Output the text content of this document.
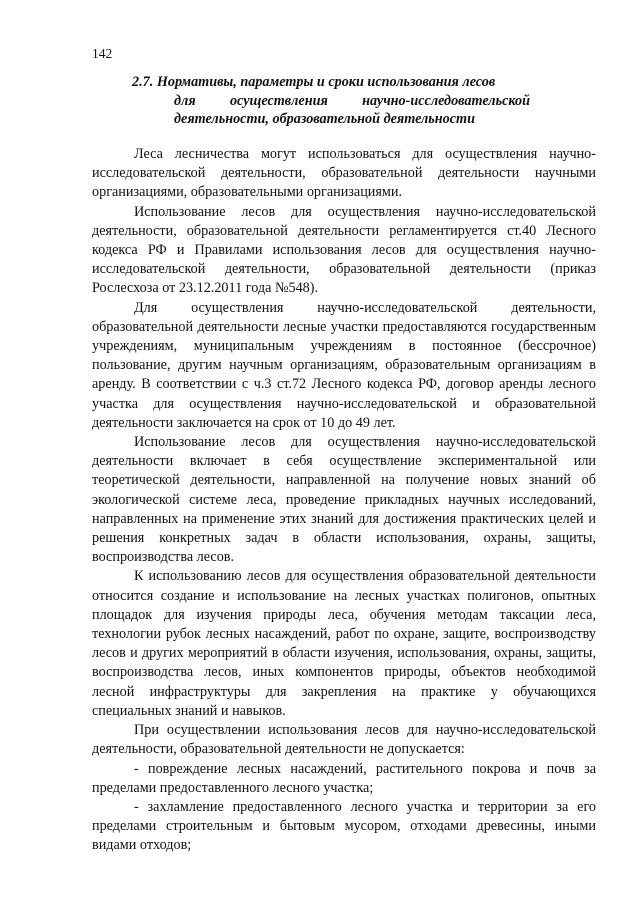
142
2.7. Нормативы, параметры и сроки использования лесов
для осуществления научно-исследовательской
деятельности, образовательной деятельности

Леса лесничества могут использоваться для осуществления научно-исследовательской деятельности, образовательной деятельности научными организациями, образовательными организациями.

Использование лесов для осуществления научно-исследовательской деятельности, образовательной деятельности регламентируется ст.40 Лесного кодекса РФ и Правилами использования лесов для осуществления научно-исследовательской деятельности, образовательной деятельности (приказ Рослесхоза от 23.12.2011 года №548).

Для осуществления научно-исследовательской деятельности, образовательной деятельности лесные участки предоставляются государственным учреждениям, муниципальным учреждениям в постоянное (бессрочное) пользование, другим научным организациям, образовательным организациям в аренду. В соответствии с ч.3 ст.72 Лесного кодекса РФ, договор аренды лесного участка для осуществления научно-исследовательской и образовательной деятельности заключается на срок от 10 до 49 лет.

Использование лесов для осуществления научно-исследовательской деятельности включает в себя осуществление экспериментальной или теоретической деятельности, направленной на получение новых знаний об экологической системе леса, проведение прикладных научных исследований, направленных на применение этих знаний для достижения практических целей и решения конкретных задач в области использования, охраны, защиты, воспроизводства лесов.

К использованию лесов для осуществления образовательной деятельности относится создание и использование на лесных участках полигонов, опытных площадок для изучения природы леса, обучения методам таксации леса, технологии рубок лесных насаждений, работ по охране, защите, воспроизводству лесов и других мероприятий в области изучения, использования, охраны, защиты, воспроизводства лесов, иных компонентов природы, объектов необходимой лесной инфраструктуры для закрепления на практике у обучающихся специальных знаний и навыков.

При осуществлении использования лесов для научно-исследовательской деятельности, образовательной деятельности не допускается:

- повреждение лесных насаждений, растительного покрова и почв за пределами предоставленного лесного участка;

- захламление предоставленного лесного участка и территории за его пределами строительным и бытовым мусором, отходами древесины, иными видами отходов;
